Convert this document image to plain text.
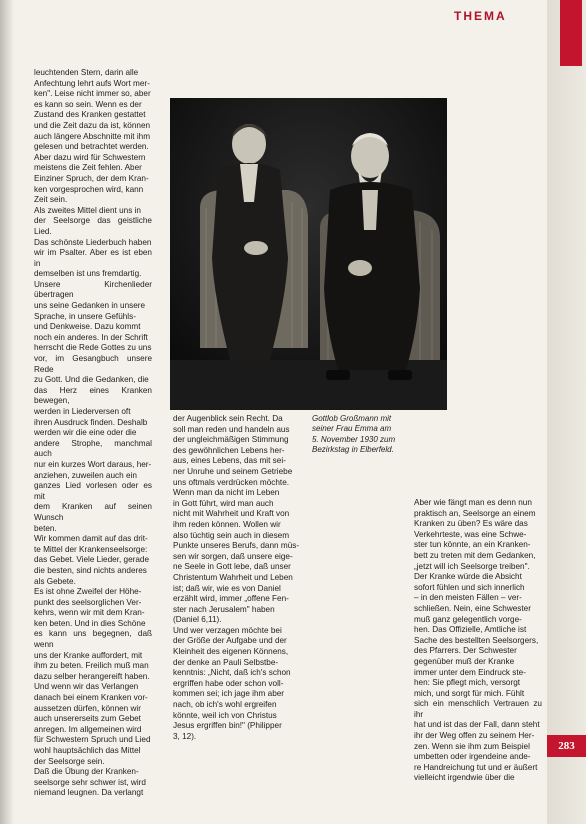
THEMA
leuchtenden Stern, darin alle
Anfechtung lehrt aufs Wort mer-
ken". Leise nicht immer so, aber
es kann so sein. Wenn es der
Zustand des Kranken gestattet
und die Zeit dazu da ist, können
auch längere Abschnitte mit ihm
gelesen und betrachtet werden.
Aber dazu wird für Schwestern
meistens die Zeit fehlen. Aber
Einziner Spruch, der dem Kran-
ken vorgesprochen wird, kann
Zeit sein.
Als zweites Mittel dient uns in
der Seelsorge das geistliche Lied.
Das schönste Liederbuch haben
wir im Psalter. Aber es ist eben in
demselben ist uns fremdartig.
Unsere Kirchenlieder übertragen
uns seine Gedanken in unsere
Sprache, in unsere Gefühls-
und Denkweise. Dazu kommt
noch ein anderes. In der Schrift
herrscht die Rede Gottes zu uns
vor, im Gesangbuch unsere Rede
zu Gott. Und die Gedanken, die
das Herz eines Kranken bewegen,
werden in Liederversen oft
ihren Ausdruck finden. Deshalb
werden wir die eine oder die
andere Strophe, manchmal auch
nur ein kurzes Wort daraus, her-
anziehen, zuweilen auch ein
ganzes Lied vorlesen oder es mit
dem Kranken auf seinen Wunsch
beten.
Wir kommen damit auf das drit-
te Mittel der Krankenseelsorge:
das Gebet. Viele Lieder, gerade
die besten, sind nichts anderes
als Gebete.
Es ist ohne Zweifel der Höhe-
punkt des seelsorglichen Ver-
kehrs, wenn wir mit dem Kran-
ken beten. Und in dies Schöne
es kann uns begegnen, daß wenn
uns der Kranke auffordert, mit
ihm zu beten. Freilich muß man
dazu selber herangereift haben.
Und wenn wir das Verlangen
danach bei einem Kranken vor-
aussetzen dürfen, können wir
auch unsererseits zum Gebet
anregen. Im allgemeinen wird
für Schwestern Spruch und Lied
wohl hauptsächlich das Mittel
der Seelsorge sein.
Daß die Übung der Kranken-
seelsorge sehr schwer ist, wird
niemand leugnen. Da verlangt
der Augenblick sein Recht. Da
soll man reden und handeln aus
der ungleichmäßigen Stimmung
des gewöhnlichen Lebens her-
aus, eines Lebens, das mit sei-
ner Unruhe und seinem Getriebe
uns oftmals verdrücken möchte.
Wenn man da nicht im Leben
in Gott führt, wird man auch
nicht mit Wahrheit und Kraft von
ihm reden können. Wollen wir
also tüchtig sein auch in diesem
Punkte unseres Berufs, dann müs-
sen wir sorgen, daß unsere eige-
ne Seele in Gott lebe, daß unser
Christentum Wahrheit und Leben
ist; daß wir, wie es von Daniel
erzählt wird, immer „offene Fen-
ster nach Jerusalem" haben
(Daniel 6,11).
Und wer verzagen möchte bei
der Größe der Aufgabe und der
Kleinheit des eigenen Könnens,
der denke an Pauli Selbstbe-
kenntnis: „Nicht, daß ich's schon
ergriffen habe oder schon voll-
kommen sei; ich jage ihm aber
nach, ob ich's wohl ergreifen
könnte, weil ich von Christus
Jesus ergriffen bin!" (Philipper
3, 12).
Gottlob Großmann mit
seiner Frau Emma am
5. November 1930 zum
Bezirkstag in Elberfeld.
Aber wie fängt man es denn nun
praktisch an, Seelsorge an einem
Kranken zu üben? Es wäre das
Verkehrteste, was eine Schwe-
ster tun könnte, an ein Kranken-
bett zu treten mit dem Gedanken,
„jetzt will ich Seelsorge treiben".
Der Kranke würde die Absicht
sofort fühlen und sich innerlich
– in den meisten Fällen – ver-
schließen. Nein, eine Schwester
muß ganz gelegentlich vorge-
hen. Das Offizielle, Amtliche ist
Sache des bestellten Seelsorgers,
des Pfarrers. Der Schwester
gegenüber muß der Kranke
immer unter dem Eindruck ste-
hen: Sie pflegt mich, versorgt
mich, und sorgt für mich. Fühlt
sich ein menschlich Vertrauen zu ihr
hat und ist das der Fall, dann steht
ihr der Weg offen zu seinem Her-
zen. Wenn sie ihm zum Beispiel
umbetten oder irgendeine ande-
re Handreichung tut und er äußert
vielleicht irgendwie über die
283
